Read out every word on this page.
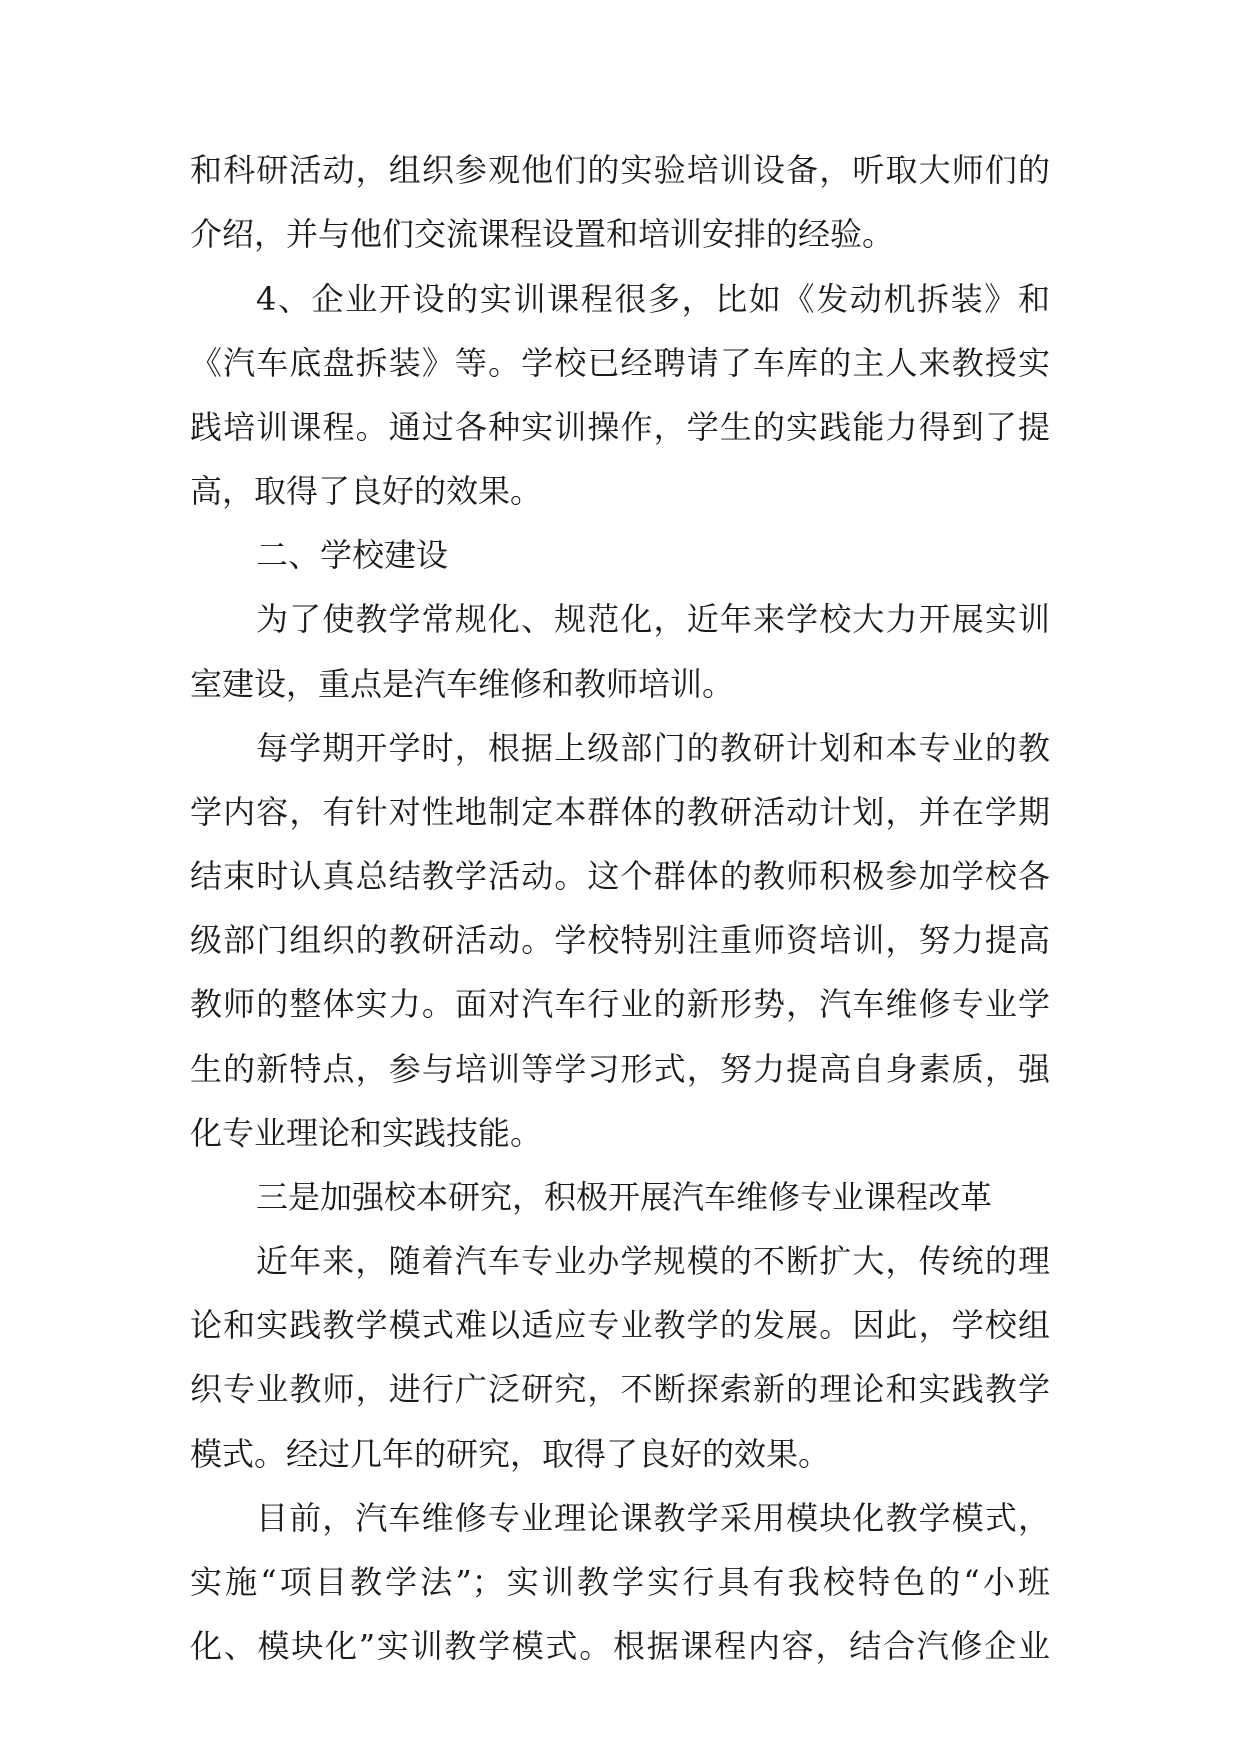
和科研活动，组织参观他们的实验培训设备，听取大师们的
介绍，并与他们交流课程设置和培训安排的经验。
4、企业开设的实训课程很多，比如《发动机拆装》和
《汽车底盘拆装》等。学校已经聘请了车库的主人来教授实
践培训课程。通过各种实训操作，学生的实践能力得到了提
高，取得了良好的效果。
二、学校建设
为了使教学常规化、规范化，近年来学校大力开展实训
室建设，重点是汽车维修和教师培训。
每学期开学时，根据上级部门的教研计划和本专业的教
学内容，有针对性地制定本群体的教研活动计划，并在学期
结束时认真总结教学活动。这个群体的教师积极参加学校各
级部门组织的教研活动。学校特别注重师资培训，努力提高
教师的整体实力。面对汽车行业的新形势，汽车维修专业学
生的新特点，参与培训等学习形式，努力提高自身素质，强
化专业理论和实践技能。
三是加强校本研究，积极开展汽车维修专业课程改革
近年来，随着汽车专业办学规模的不断扩大，传统的理
论和实践教学模式难以适应专业教学的发展。因此，学校组
织专业教师，进行广泛研究，不断探索新的理论和实践教学
模式。经过几年的研究，取得了良好的效果。
目前，汽车维修专业理论课教学采用模块化教学模式，
实施“项目教学法”；实训教学实行具有我校特色的“小班
化、模块化”实训教学模式。根据课程内容，结合汽修企业
